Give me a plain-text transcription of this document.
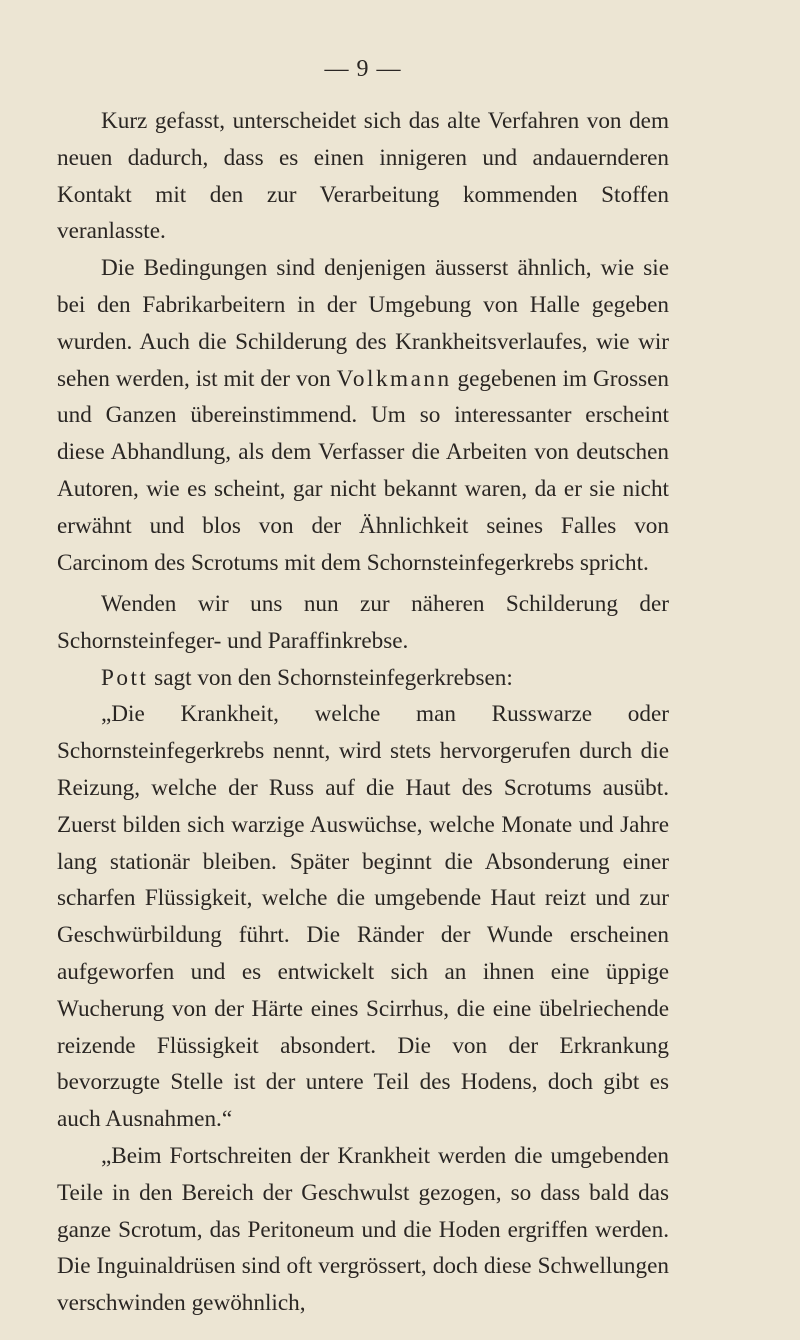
— 9 —

Kurz gefasst, unterscheidet sich das alte Verfahren von dem neuen dadurch, dass es einen innigeren und andauernderen Kontakt mit den zur Verarbeitung kommenden Stoffen veranlasste.

Die Bedingungen sind denjenigen äusserst ähnlich, wie sie bei den Fabrikarbeitern in der Umgebung von Halle gegeben wurden. Auch die Schilderung des Krankheitsverlaufes, wie wir sehen werden, ist mit der von Volkmann gegebenen im Grossen und Ganzen übereinstimmend. Um so interessanter erscheint diese Abhandlung, als dem Verfasser die Arbeiten von deutschen Autoren, wie es scheint, gar nicht bekannt waren, da er sie nicht erwähnt und blos von der Ähnlichkeit seines Falles von Carcinom des Scrotums mit dem Schornsteinfegerkrebs spricht.

Wenden wir uns nun zur näheren Schilderung der Schornsteinfeger- und Paraffinkrebse.

Pott sagt von den Schornsteinfegerkrebsen:

„Die Krankheit, welche man Russwarze oder Schornsteinfegerkrebs nennt, wird stets hervorgerufen durch die Reizung, welche der Russ auf die Haut des Scrotums ausübt. Zuerst bilden sich warzige Auswüchse, welche Monate und Jahre lang stationär bleiben. Später beginnt die Absonderung einer scharfen Flüssigkeit, welche die umgebende Haut reizt und zur Geschwürbildung führt. Die Ränder der Wunde erscheinen aufgeworfen und es entwickelt sich an ihnen eine üppige Wucherung von der Härte eines Scirrhus, die eine übelriechende reizende Flüssigkeit absondert. Die von der Erkrankung bevorzugte Stelle ist der untere Teil des Hodens, doch gibt es auch Ausnahmen.“

„Beim Fortschreiten der Krankheit werden die umgebenden Teile in den Bereich der Geschwulst gezogen, so dass bald das ganze Scrotum, das Peritoneum und die Hoden ergriffen werden. Die Inguinaldrüsen sind oft vergrössert, doch diese Schwellungen verschwinden gewöhnlich,
